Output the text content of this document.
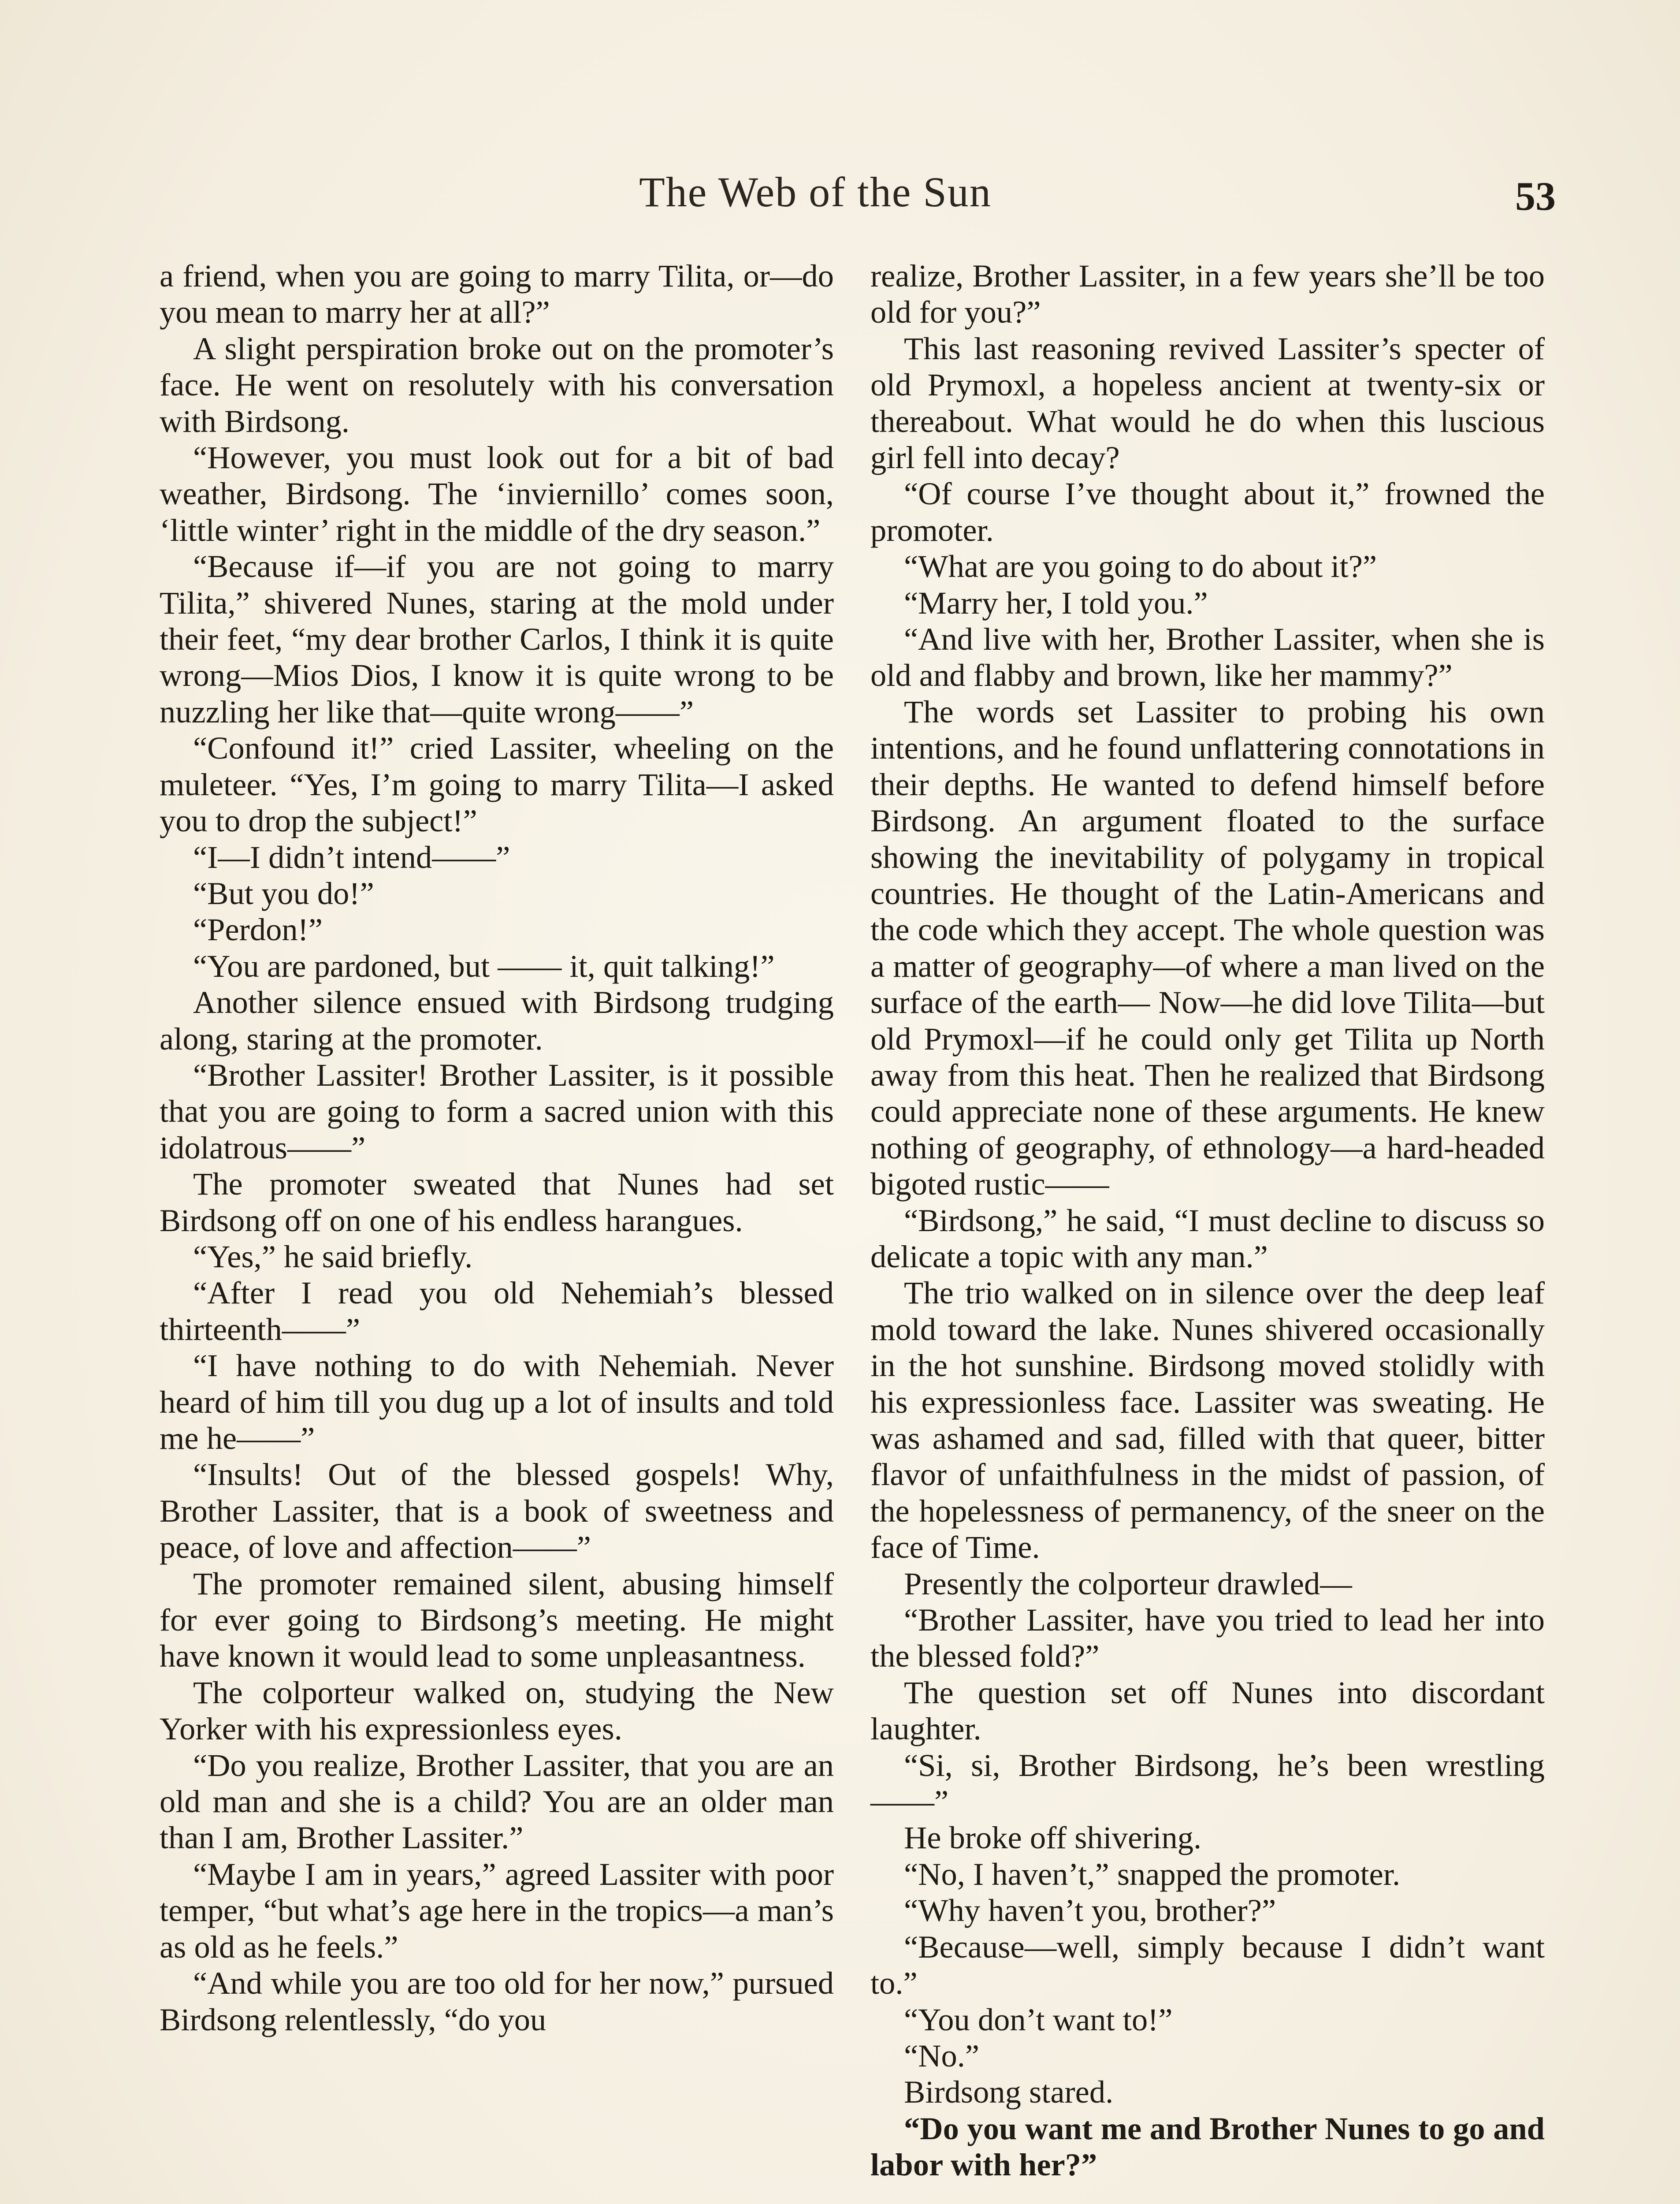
The Web of the Sun	53

a friend, when you are going to marry Tilita, or—do you mean to marry her at all?”

A slight perspiration broke out on the promoter’s face. He went on resolutely with his conversation with Birdsong.

“However, you must look out for a bit of bad weather, Birdsong. The ‘inviernillo’ comes soon, ‘little winter’ right in the middle of the dry season.”

“Because if—if you are not going to marry Tilita,” shivered Nunes, staring at the mold under their feet, “my dear brother Carlos, I think it is quite wrong—Mios Dios, I know it is quite wrong to be nuzzling her like that—quite wrong——”

“Confound it!” cried Lassiter, wheeling on the muleteer. “Yes, I’m going to marry Tilita—I asked you to drop the subject!”

“I—I didn’t intend——”

“But you do!”

“Perdon!”

“You are pardoned, but —— it, quit talking!”

Another silence ensued with Birdsong trudging along, staring at the promoter.

“Brother Lassiter! Brother Lassiter, is it possible that you are going to form a sacred union with this idolatrous——”

The promoter sweated that Nunes had set Birdsong off on one of his endless harangues.

“Yes,” he said briefly.

“After I read you old Nehemiah’s blessed thirteenth——”

“I have nothing to do with Nehemiah. Never heard of him till you dug up a lot of insults and told me he——”

“Insults! Out of the blessed gospels! Why, Brother Lassiter, that is a book of sweetness and peace, of love and affection——”

The promoter remained silent, abusing himself for ever going to Birdsong’s meeting. He might have known it would lead to some unpleasantness.

The colporteur walked on, studying the New Yorker with his expressionless eyes.

“Do you realize, Brother Lassiter, that you are an old man and she is a child? You are an older man than I am, Brother Lassiter.”

“Maybe I am in years,” agreed Lassiter with poor temper, “but what’s age here in the tropics—a man’s as old as he feels.”

“And while you are too old for her now,” pursued Birdsong relentlessly, “do you

realize, Brother Lassiter, in a few years she’ll be too old for you?”

This last reasoning revived Lassiter’s specter of old Prymoxl, a hopeless ancient at twenty-six or thereabout. What would he do when this luscious girl fell into decay?

“Of course I’ve thought about it,” frowned the promoter.

“What are you going to do about it?”

“Marry her, I told you.”

“And live with her, Brother Lassiter, when she is old and flabby and brown, like her mammy?”

The words set Lassiter to probing his own intentions, and he found unflattering connotations in their depths. He wanted to defend himself before Birdsong. An argument floated to the surface showing the inevitability of polygamy in tropical countries. He thought of the Latin-Americans and the code which they accept. The whole question was a matter of geography—of where a man lived on the surface of the earth— Now—he did love Tilita—but old Prymoxl—if he could only get Tilita up North away from this heat. Then he realized that Birdsong could appreciate none of these arguments. He knew nothing of geography, of ethnology—a hard-headed bigoted rustic——

“Birdsong,” he said, “I must decline to discuss so delicate a topic with any man.”

The trio walked on in silence over the deep leaf mold toward the lake. Nunes shivered occasionally in the hot sunshine. Birdsong moved stolidly with his expressionless face. Lassiter was sweating. He was ashamed and sad, filled with that queer, bitter flavor of unfaithfulness in the midst of passion, of the hopelessness of permanency, of the sneer on the face of Time.

Presently the colporteur drawled—

“Brother Lassiter, have you tried to lead her into the blessed fold?”

The question set off Nunes into discordant laughter.

“Si, si, Brother Birdsong, he’s been wrestling——”

He broke off shivering.

“No, I haven’t,” snapped the promoter.

“Why haven’t you, brother?”

“Because—well, simply because I didn’t want to.”

“You don’t want to!”

“No.”

Birdsong stared.

“Do you want me and Brother Nunes to go and labor with her?”
